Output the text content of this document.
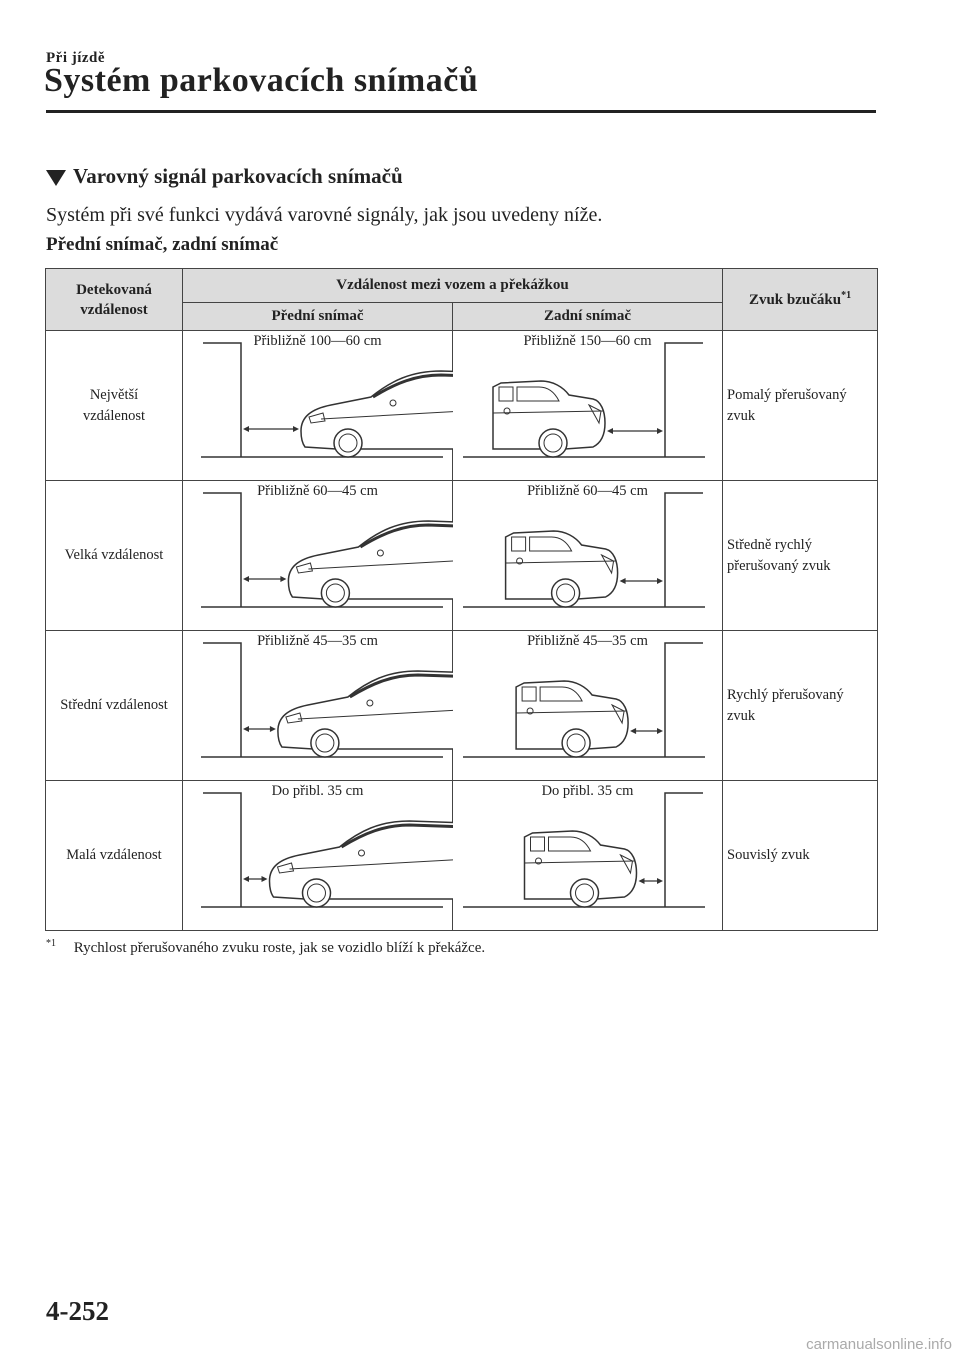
Při jízdě
Systém parkovacích snímačů
Varovný signál parkovacích snímačů

Systém při své funkci vydává varovné signály, jak jsou uvedeny níže.

Přední snímač, zadní snímač
Detekovaná vzdálenost	Vzdálenost mezi vozem a překážkou		Zvuk bzučáku$^{*1}$
	Přední snímač	Zadní snímač	

Největší vzdálenost	Přibližně 100—60 cm	Přibližně 150—60 cm	Pomalý přerušovaný zvuk

Velká vzdálenost	Přibližně 60—45 cm	Přibližně 60—45 cm	Středně rychlý přerušovaný zvuk

Střední vzdálenost	Přibližně 45—35 cm	Přibližně 45—35 cm	Rychlý přerušovaný zvuk

Malá vzdálenost	Do přibl. 35 cm	Do přibl. 35 cm	Souvislý zvuk
$^{*1}$ Rychlost přerušovaného zvuku roste, jak se vozidlo blíží k překážce.
4-252
carmanualsonline.info
